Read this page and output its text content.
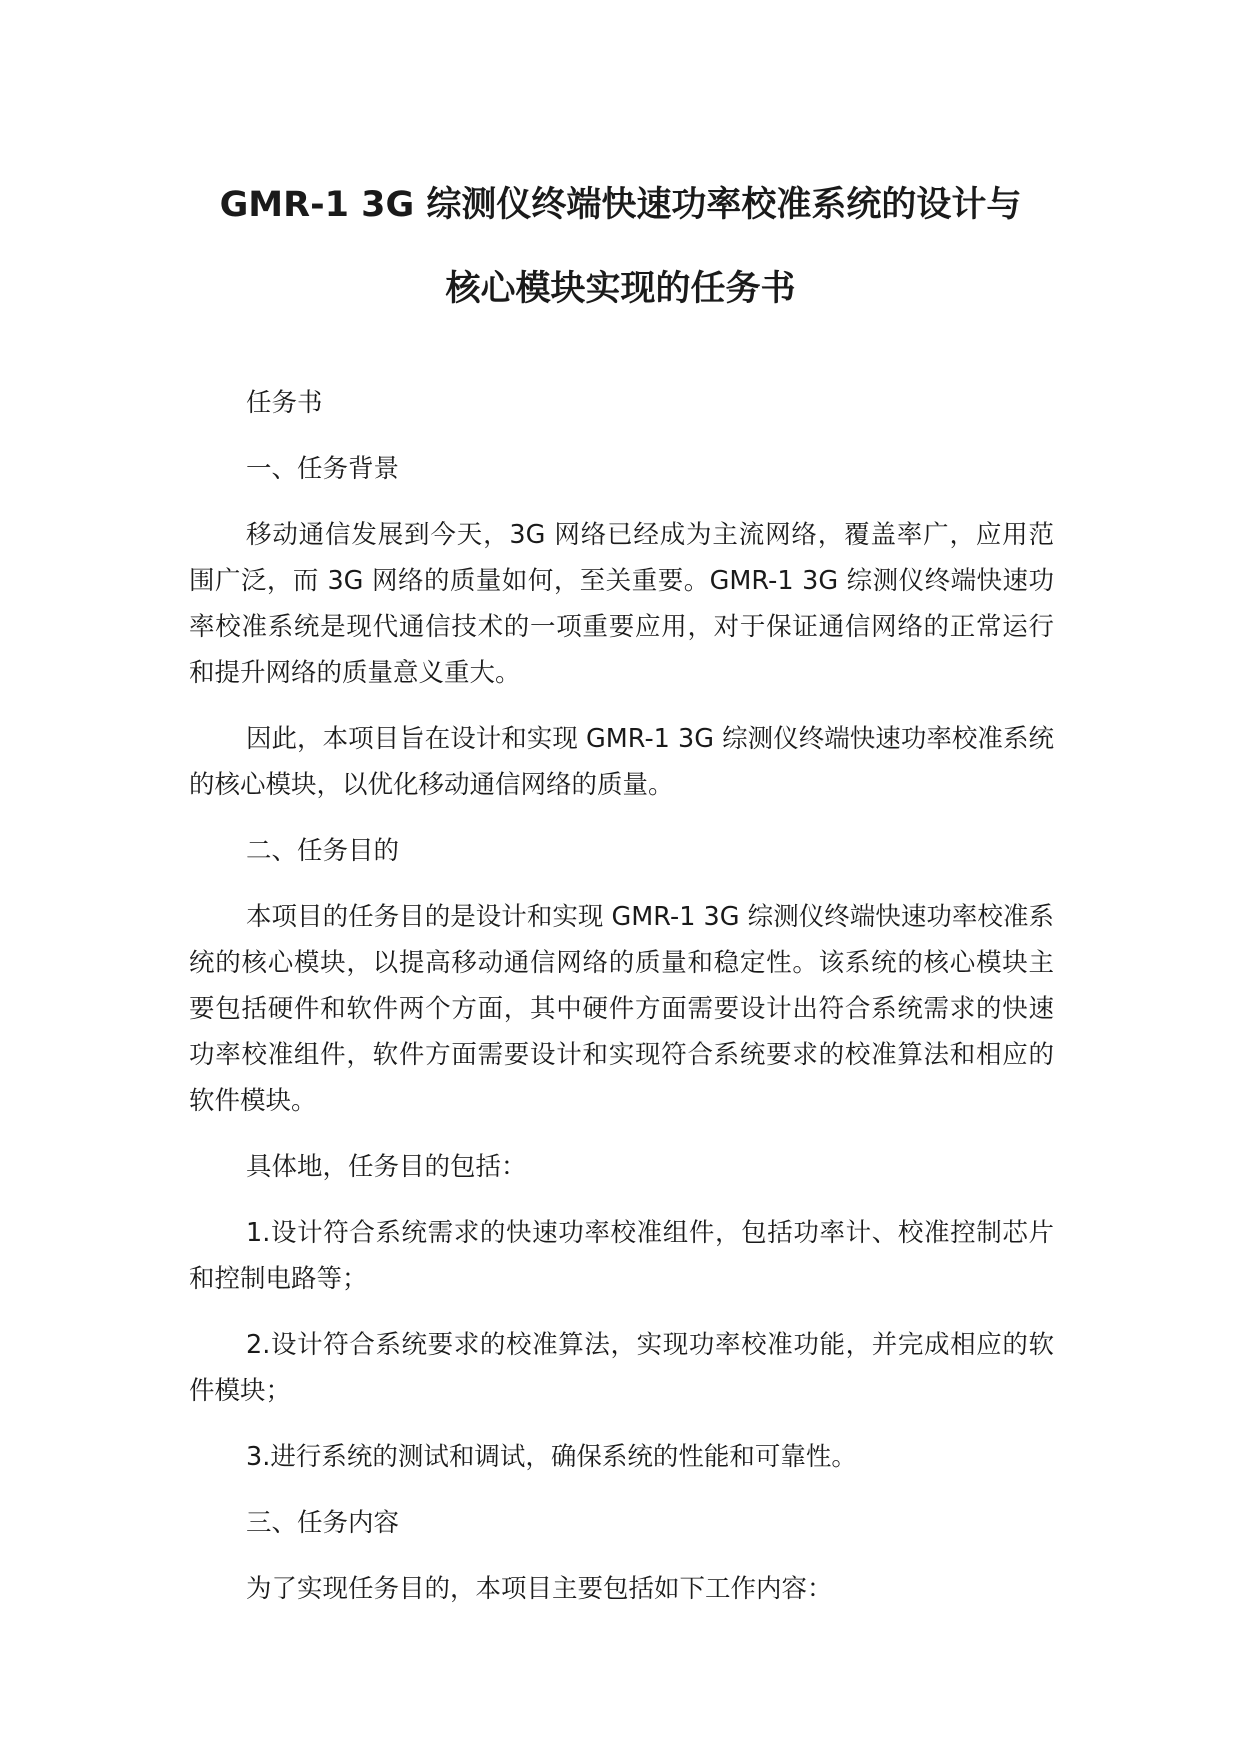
GMR-1 3G 综测仪终端快速功率校准系统的设计与
核心模块实现的任务书

任务书

一、任务背景

移动通信发展到今天，3G 网络已经成为主流网络，覆盖率广，应用范围广泛，而 3G 网络的质量如何，至关重要。GMR-1 3G 综测仪终端快速功率校准系统是现代通信技术的一项重要应用，对于保证通信网络的正常运行和提升网络的质量意义重大。

因此，本项目旨在设计和实现 GMR-1 3G 综测仪终端快速功率校准系统的核心模块，以优化移动通信网络的质量。

二、任务目的

本项目的任务目的是设计和实现 GMR-1 3G 综测仪终端快速功率校准系统的核心模块，以提高移动通信网络的质量和稳定性。该系统的核心模块主要包括硬件和软件两个方面，其中硬件方面需要设计出符合系统需求的快速功率校准组件，软件方面需要设计和实现符合系统要求的校准算法和相应的软件模块。

具体地，任务目的包括：

1.设计符合系统需求的快速功率校准组件，包括功率计、校准控制芯片和控制电路等；

2.设计符合系统要求的校准算法，实现功率校准功能，并完成相应的软件模块；

3.进行系统的测试和调试，确保系统的性能和可靠性。

三、任务内容

为了实现任务目的，本项目主要包括如下工作内容：
